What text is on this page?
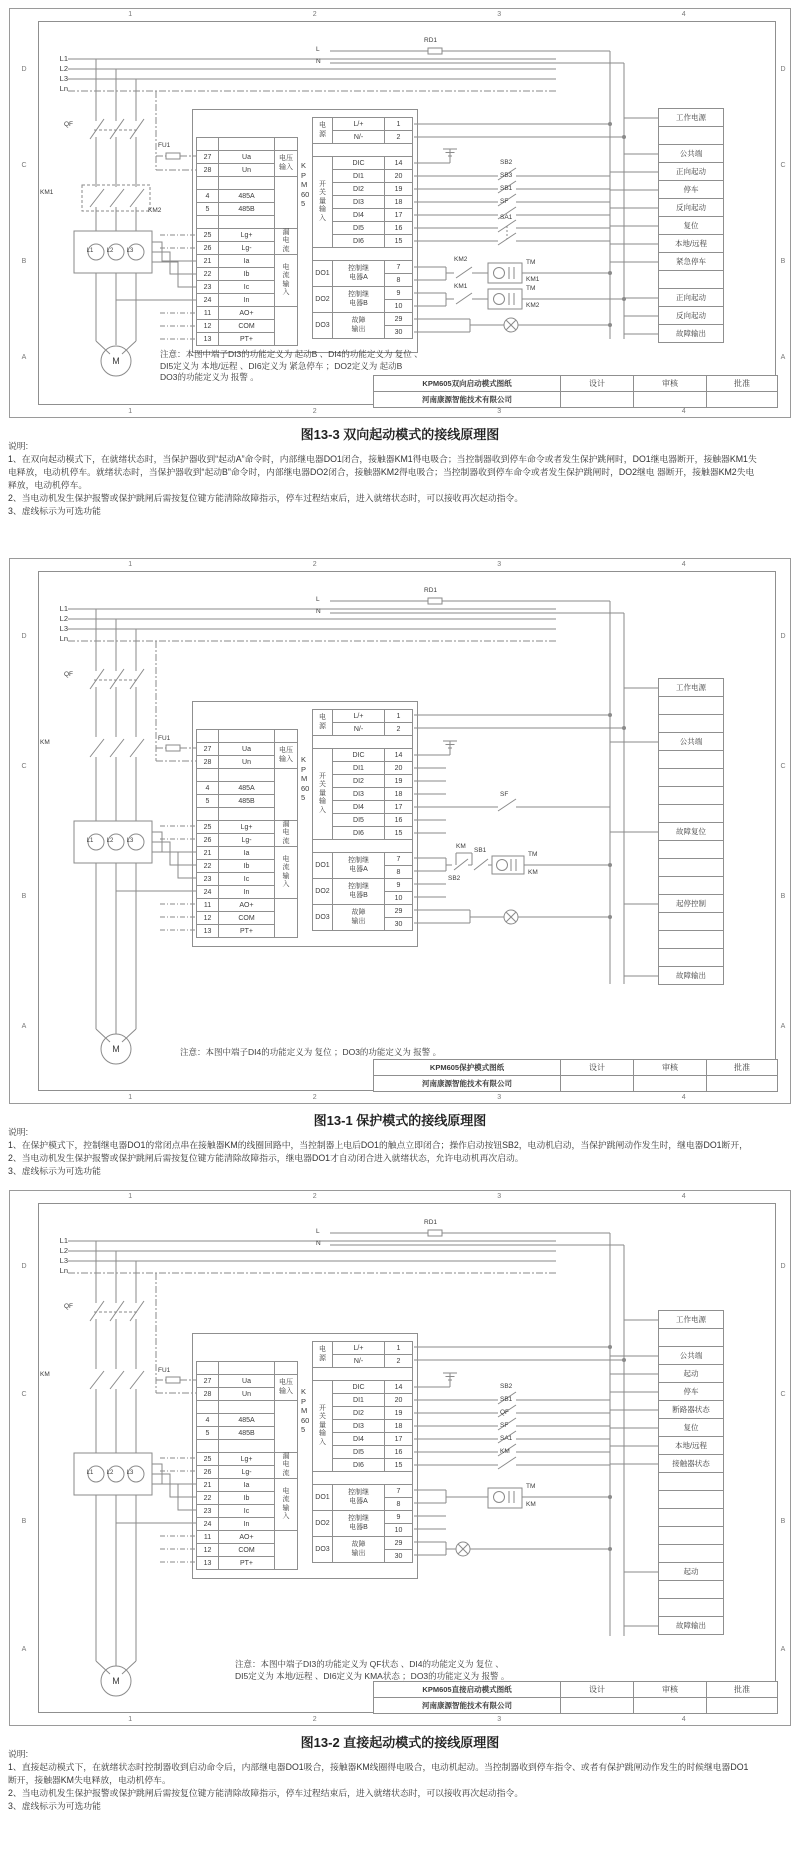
1	2	3	4
1	2	3	4
D
C
B
A
D
C
B
A
L1
L2
L3
Ln
QF
FU1
KM1
KM2
L1	L2	L3
M
L
N
RD1

27	Ua
28	Un

4	485A
5	485B

25	Lg+
26	Lg-
21	Ia
22	Ib
23	Ic
24	In
11	AO+
12	COM
13	PT+
电压输入
漏电流
电流输入
KPM605
电源	L/+	1
	N/-	2

开关量输入	DIC	14
	DI1	20
	DI2	19
	DI3	18
	DI4	17
	DI5	16
	DI6	15

DO1	控制继电器A	7
		8
DO2	控制继电器B	9
		10
DO3	故障输出	29
		30
SB2
SB3
SB1
SF
SA1
KM2
KM1
TM
KM1
TM
KM2
工作电源
公共端
正向起动
停车
反向起动
复位
本地/远程
紧急停车
正向起动
反向起动
故障输出
注意：本图中端子DI3的功能定义为 起动B 、DI4的功能定义为 复位 、
DI5定义为 本地/远程 、DI6定义为 紧急停车 ；DO2定义为 起动B
DO3的功能定义为 报警 。
KPM605双向启动模式图纸	设计	审核	批准
河南康源智能技术有限公司
图13-3 双向起动模式的接线原理图
说明:
1、在双向起动模式下，在就绪状态时，当保护器收到“起动A”命令时，内部继电器DO1闭合，接触器KM1得电吸合；当控制器收到停车命令或者发生保护跳闸时，DO1继电器断开，接触器KM1失
电释放，电动机停车。就绪状态时，当保护器收到“起动B”命令时，内部继电器DO2闭合，接触器KM2得电吸合；当控制器收到停车命令或者发生保护跳闸时，DO2继电 器断开，接触器KM2失电
释放，电动机停车。
2、当电动机发生保护报警或保护跳闸后需按复位键方能清除故障指示，停车过程结束后，进入就绪状态时，可以接收再次起动指令。
3、虚线标示为可选功能
1	2	3	4
1	2	3	4
D
C
B
A
D
C
B
A
L1
L2
L3
Ln
QF
FU1
KM
L1	L2	L3
M
L
N
RD1

27	Ua
28	Un

4	485A
5	485B

25	Lg+
26	Lg-
21	Ia
22	Ib
23	Ic
24	In
11	AO+
12	COM
13	PT+
电压输入
漏电流
电流输入
KPM605
电源	L/+	1
	N/-	2

开关量输入	DIC	14
	DI1	20
	DI2	19
	DI3	18
	DI4	17
	DI5	16
	DI6	15

DO1	控制继电器A	7
		8
DO2	控制继电器B	9
		10
DO3	故障输出	29
		30
SF
SB2
SB1
KM
TM
KM
工作电源
公共端
故障复位
起停控制
故障输出
注意：本图中端子DI4的功能定义为 复位 ；DO3的功能定义为 报警 。
KPM605保护模式图纸	设计	审核	批准
河南康源智能技术有限公司
图13-1 保护模式的接线原理图
说明:
1、在保护模式下，控制继电器DO1的常闭点串在接触器KM的线圈回路中，当控制器上电后DO1的触点立即闭合；操作启动按钮SB2，电动机启动，当保护跳闸动作发生时，继电器DO1断开，
2、当电动机发生保护报警或保护跳闸后需按复位键方能清除故障指示，继电器DO1才自动闭合进入就绪状态，允许电动机再次启动。
3、虚线标示为可选功能
1	2	3	4
1	2	3	4
D
C
B
A
D
C
B
A
L1
L2
L3
Ln
QF
FU1
KM
L1	L2	L3
M
L
N
RD1

27	Ua
28	Un

4	485A
5	485B

25	Lg+
26	Lg-
21	Ia
22	Ib
23	Ic
24	In
11	AO+
12	COM
13	PT+
电压输入
漏电流
电流输入
KPM605
电源	L/+	1
	N/-	2

开关量输入	DIC	14
	DI1	20
	DI2	19
	DI3	18
	DI4	17
	DI5	16
	DI6	15

DO1	控制继电器A	7
		8
DO2	控制继电器B	9
		10
DO3	故障输出	29
		30
SB2
SB1
QF
SF
SA1
KM
TM
KM
工作电源
公共端
起动
停车
断路器状态
复位
本地/远程
接触器状态
起动
故障输出
注意：本图中端子DI3的功能定义为 QF状态 、DI4的功能定义为 复位 、
DI5定义为 本地/远程 、DI6定义为 KMA状态 ；DO3的功能定义为 报警 。
KPM605直接启动模式图纸	设计	审核	批准
河南康源智能技术有限公司
图13-2 直接起动模式的接线原理图
说明:
1、直接起动模式下，在就绪状态时控制器收到启动命令后，内部继电器DO1吸合，接触器KM线圈得电吸合，电动机起动。当控制器收到停车指令、或者有保护跳闸动作发生的时候继电器DO1
断开，接触器KM失电释放，电动机停车。
2、当电动机发生保护报警或保护跳闸后需按复位键方能清除故障指示，停车过程结束后，进入就绪状态时，可以接收再次起动指令。
3、虚线标示为可选功能
